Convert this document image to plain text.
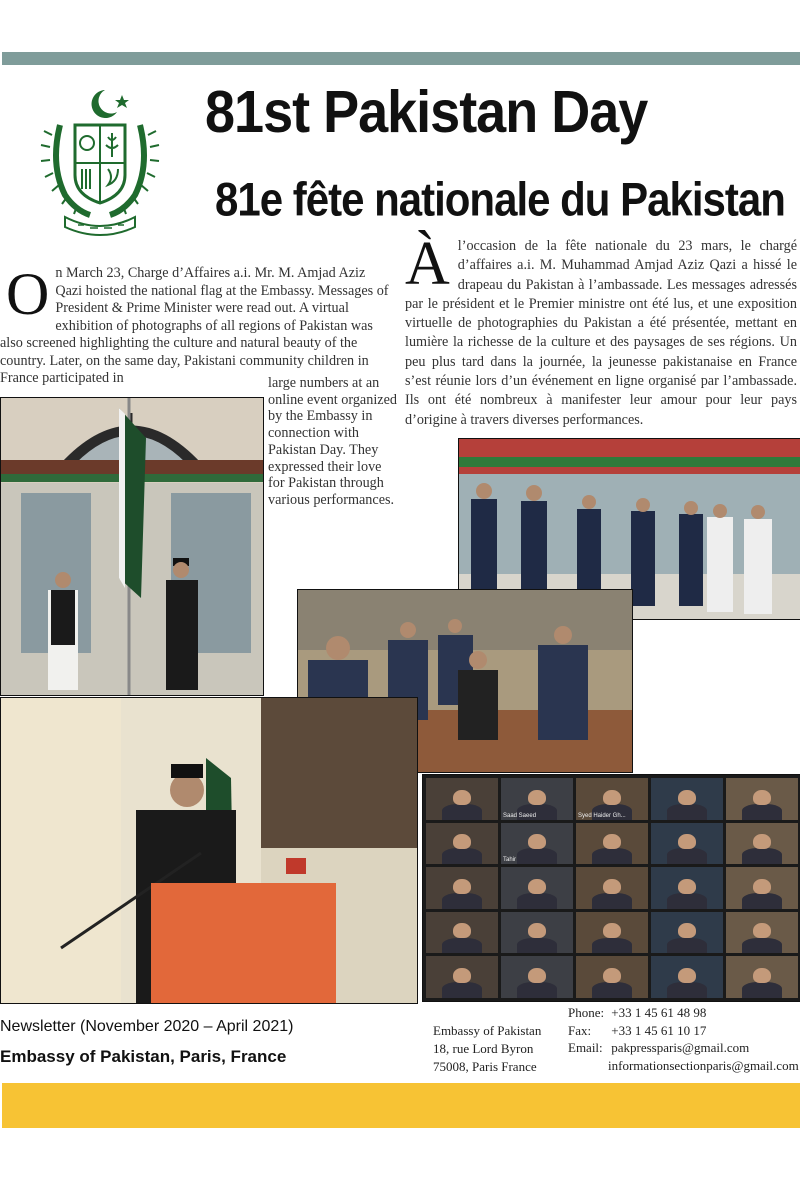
81st Pakistan Day
81e fête nationale du Pakistan
O n March 23, Charge d’Affaires a.i. Mr. M. Amjad Aziz Qazi hoisted the national flag at the Embassy. Messages of President & Prime Minister were read out. A virtual exhibition of photographs of all regions of Pakistan was also screened highlighting the culture and natural beauty of the country. Later, on the same day, Pakistani community children in France participated in	large numbers at an online event organized by the Embassy in connection with Pakistan Day. They expressed their love for Pakistan through various performances.
À l’occasion de la fête nationale du 23 mars, le chargé d’affaires a.i. M. Muhammad Amjad Aziz Qazi a hissé le drapeau du Pakistan à l’ambassade. Les messages adressés par le président et le Premier ministre ont été lus, et une exposition virtuelle de photographies du Pakistan a été présentée, mettant en lumière la richesse de la culture et des paysages de ses régions. Un peu plus tard dans la journée, la jeunesse pakistanaise en France s’est réunie lors d’un événement en ligne organisé par l’ambassade. Ils ont été nombreux à manifester leur amour pour leur pays d’origine à travers diverses performances.
Saad Saeed	Syed Haider Gh...
Tahir
Newsletter (November 2020 – April 2021)
Embassy of Pakistan, Paris, France
Embassy of Pakistan
18, rue Lord Byron
75008, Paris France
Phone: +33 1 45 61 48 98
Fax: +33 1 45 61 10 17
Email: pakpressparis@gmail.com
informationsectionparis@gmail.com
